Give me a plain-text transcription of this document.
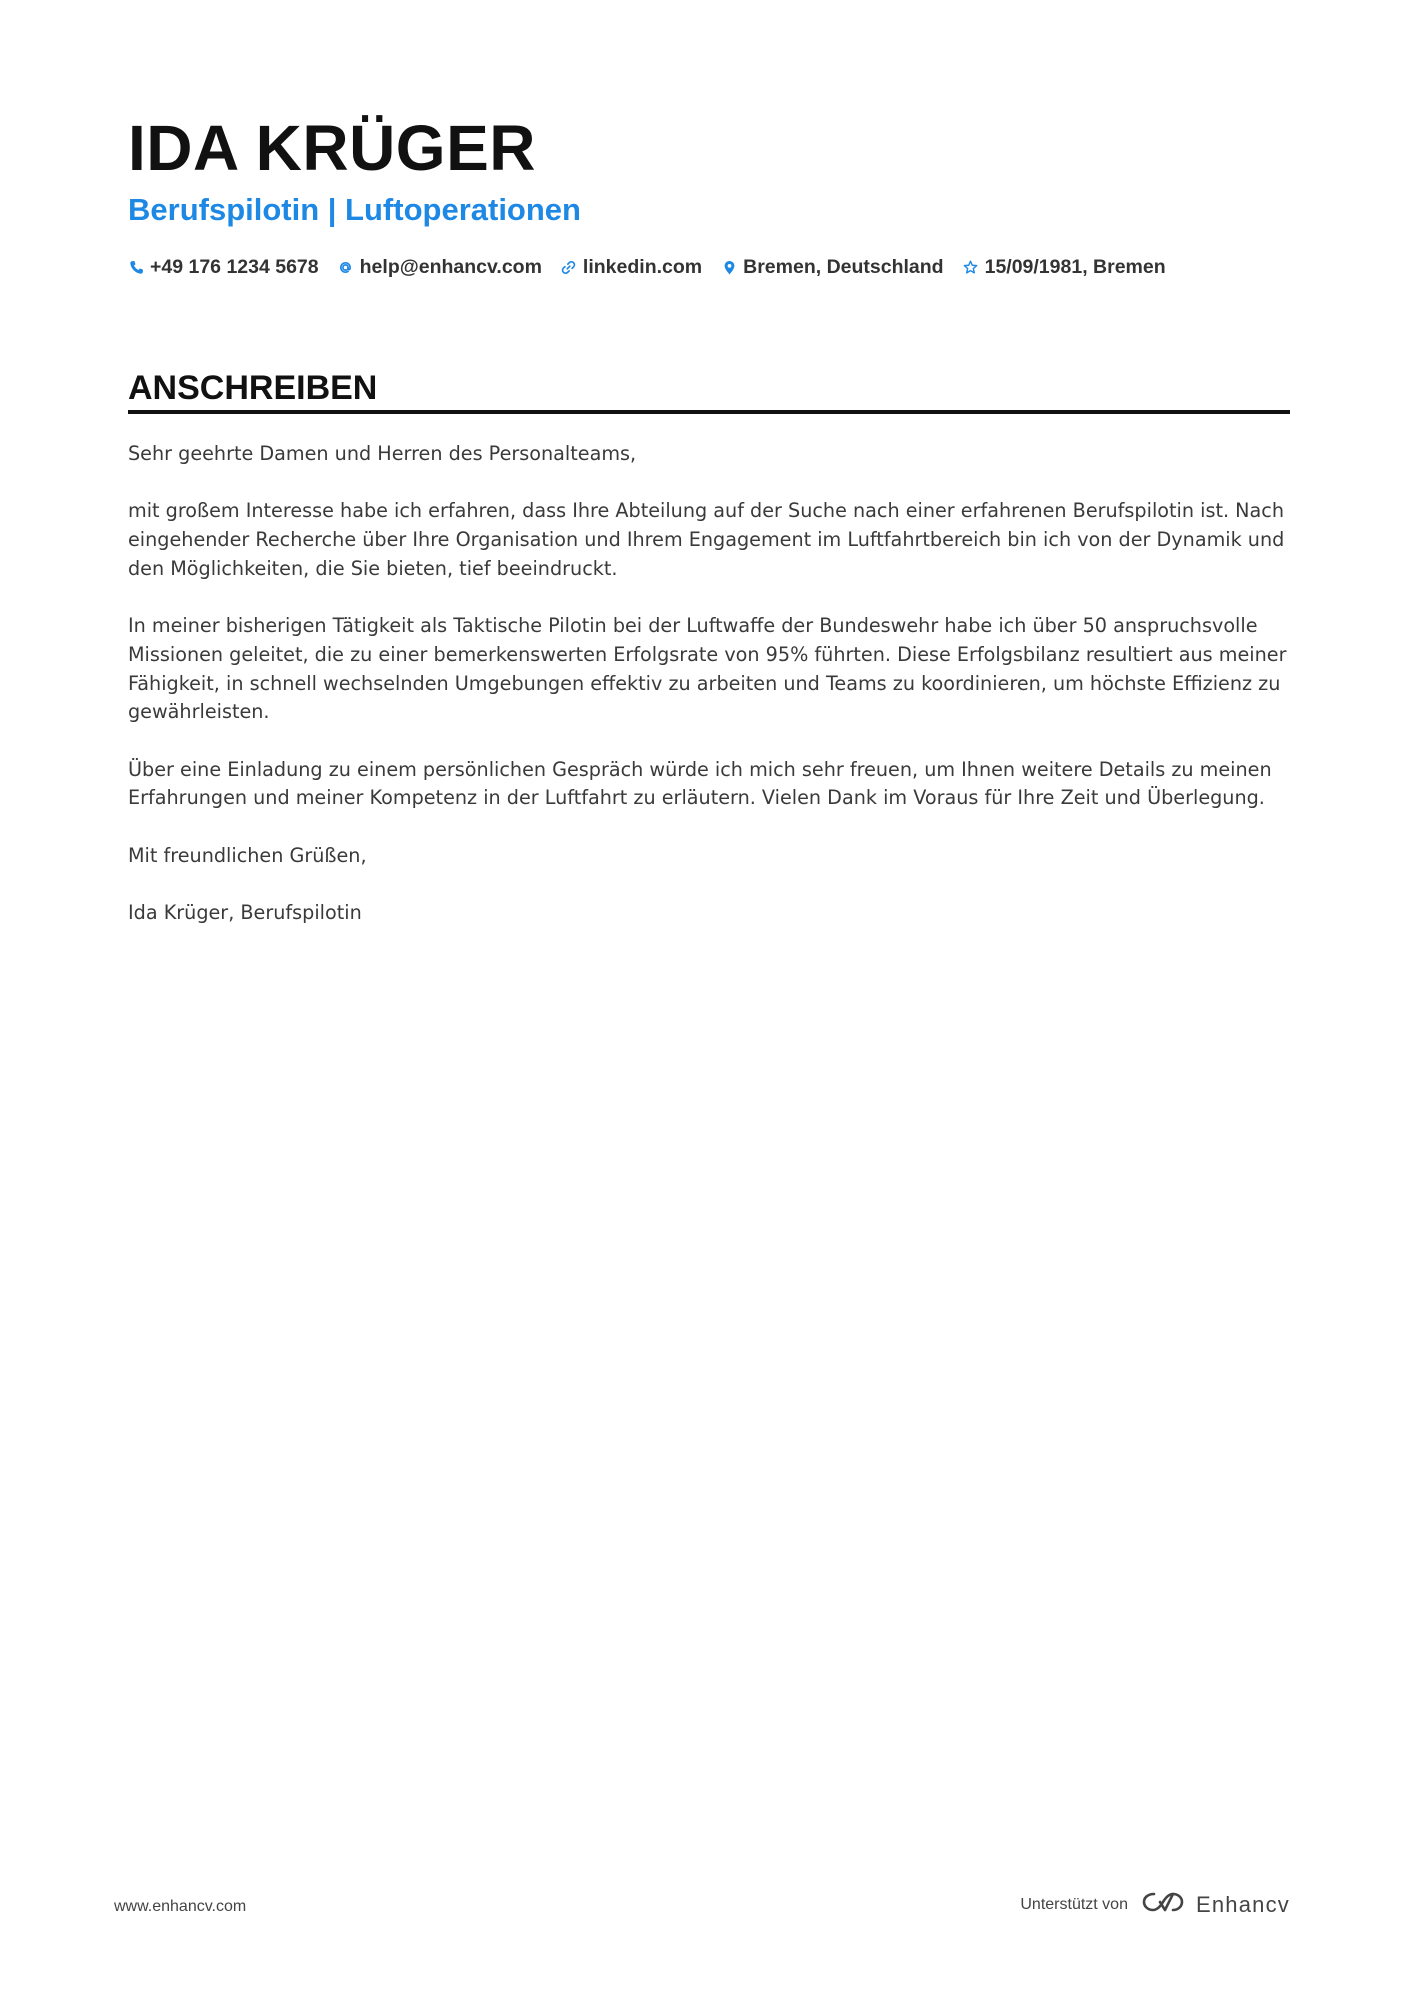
IDA KRÜGER
Berufspilotin | Luftoperationen
+49 176 1234 5678 help@enhancv.com linkedin.com Bremen, Deutschland 15/09/1981, Bremen
ANSCHREIBEN

Sehr geehrte Damen und Herren des Personalteams,

mit großem Interesse habe ich erfahren, dass Ihre Abteilung auf der Suche nach einer erfahrenen Berufspilotin ist. Nach eingehender Recherche über Ihre Organisation und Ihrem Engagement im Luftfahrtbereich bin ich von der Dynamik und den Möglichkeiten, die Sie bieten, tief beeindruckt.

In meiner bisherigen Tätigkeit als Taktische Pilotin bei der Luftwaffe der Bundeswehr habe ich über 50 anspruchsvolle Missionen geleitet, die zu einer bemerkenswerten Erfolgsrate von 95% führten. Diese Erfolgsbilanz resultiert aus meiner Fähigkeit, in schnell wechselnden Umgebungen effektiv zu arbeiten und Teams zu koordinieren, um höchste Effizienz zu gewährleisten.

Über eine Einladung zu einem persönlichen Gespräch würde ich mich sehr freuen, um Ihnen weitere Details zu meinen Erfahrungen und meiner Kompetenz in der Luftfahrt zu erläutern. Vielen Dank im Voraus für Ihre Zeit und Überlegung.

Mit freundlichen Grüßen,

Ida Krüger, Berufspilotin

www.enhancv.com	Unterstützt von	Enhancv
